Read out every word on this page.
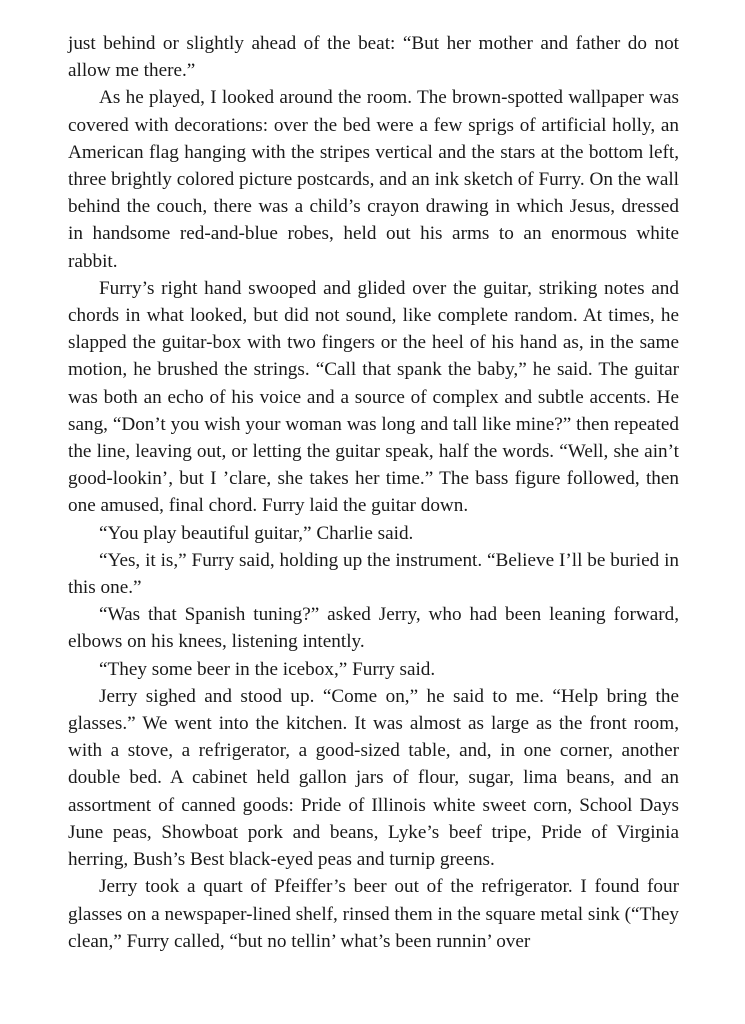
just behind or slightly ahead of the beat: “But her mother and father do not allow me there.”

As he played, I looked around the room. The brown-spotted wallpaper was covered with decorations: over the bed were a few sprigs of artificial holly, an American flag hanging with the stripes vertical and the stars at the bottom left, three brightly colored picture postcards, and an ink sketch of Furry. On the wall behind the couch, there was a child’s crayon drawing in which Jesus, dressed in handsome red-and-blue robes, held out his arms to an enormous white rabbit.

Furry’s right hand swooped and glided over the guitar, striking notes and chords in what looked, but did not sound, like complete random. At times, he slapped the guitar-box with two fingers or the heel of his hand as, in the same motion, he brushed the strings. “Call that spank the baby,” he said. The guitar was both an echo of his voice and a source of complex and subtle accents. He sang, “Don’t you wish your woman was long and tall like mine?” then repeated the line, leaving out, or letting the guitar speak, half the words. “Well, she ain’t good-lookin’, but I ’clare, she takes her time.” The bass figure followed, then one amused, final chord. Furry laid the guitar down.

“You play beautiful guitar,” Charlie said.

“Yes, it is,” Furry said, holding up the instrument. “Believe I’ll be buried in this one.”

“Was that Spanish tuning?” asked Jerry, who had been leaning forward, elbows on his knees, listening intently.

“They some beer in the icebox,” Furry said.

Jerry sighed and stood up. “Come on,” he said to me. “Help bring the glasses.” We went into the kitchen. It was almost as large as the front room, with a stove, a refrigerator, a good-sized table, and, in one corner, another double bed. A cabinet held gallon jars of flour, sugar, lima beans, and an assortment of canned goods: Pride of Illinois white sweet corn, School Days June peas, Showboat pork and beans, Lyke’s beef tripe, Pride of Virginia herring, Bush’s Best black-eyed peas and turnip greens.

Jerry took a quart of Pfeiffer’s beer out of the refrigerator. I found four glasses on a newspaper-lined shelf, rinsed them in the square metal sink (“They clean,” Furry called, “but no tellin’ what’s been runnin’ over
